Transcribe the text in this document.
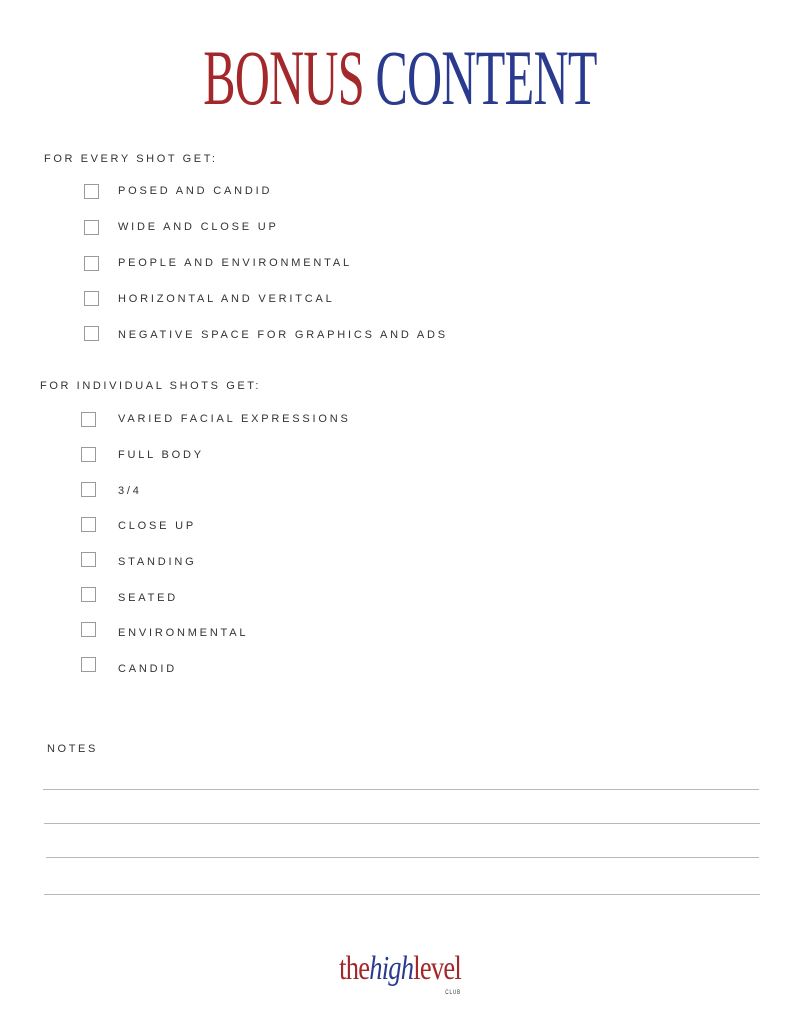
BONUS CONTENT
FOR EVERY SHOT GET:
POSED AND CANDID
WIDE AND CLOSE UP
PEOPLE AND ENVIRONMENTAL
HORIZONTAL AND VERITCAL
NEGATIVE SPACE FOR GRAPHICS AND ADS
FOR INDIVIDUAL SHOTS GET:
VARIED FACIAL EXPRESSIONS
FULL BODY
3/4
CLOSE UP
STANDING
SEATED
ENVIRONMENTAL
CANDID
NOTES
thehighlevel
CLUB
